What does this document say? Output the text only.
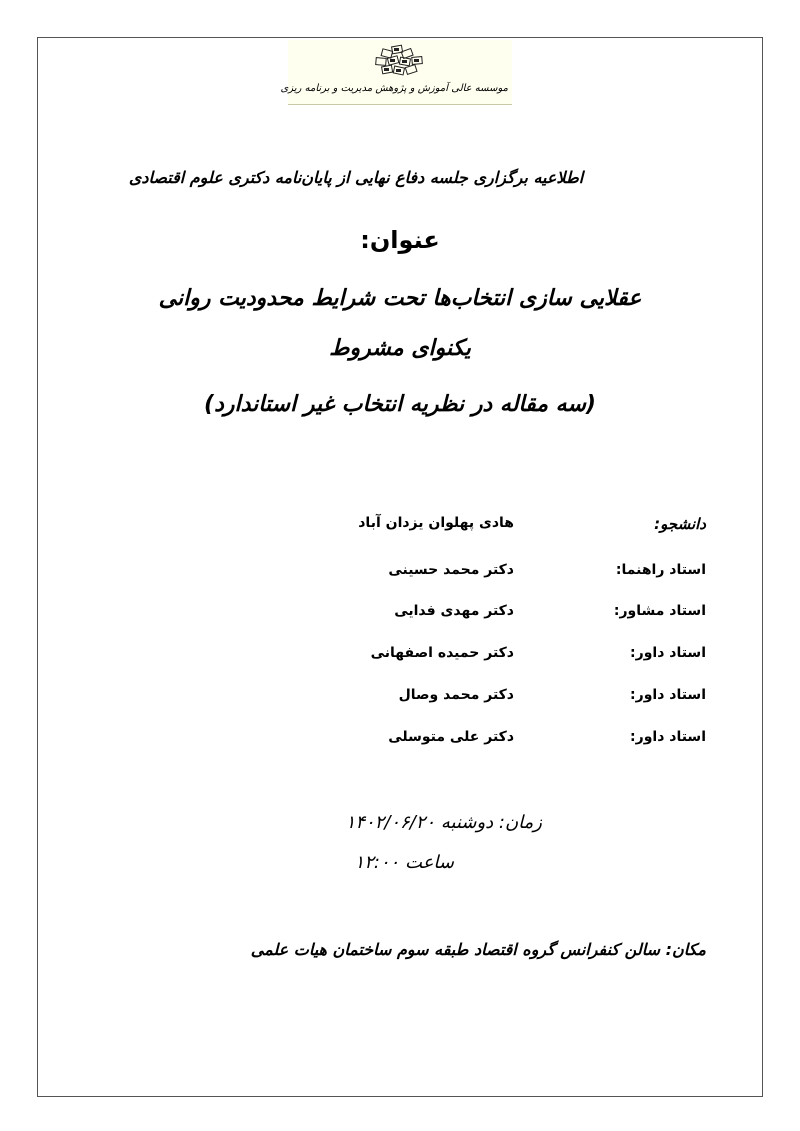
موسسه عالی آموزش و پژوهش مدیریت و برنامه ریزی
اطلاعیه برگزاری جلسه دفاع نهایی از پایان‌نامه دکتری علوم اقتصادی
عنوان:
عقلایی سازی انتخاب‌ها تحت شرایط محدودیت روانی
یکنوای مشروط
(سه مقاله در نظریه انتخاب غیر استاندارد)
دانشجو:
هادی پهلوان یزدان آباد
استاد راهنما:
دکتر محمد حسینی
استاد مشاور:
دکتر مهدی فدایی
استاد داور:
دکتر حمیده اصفهانی
استاد داور:
دکتر محمد وصال
استاد داور:
دکتر علی متوسلی
زمان: دوشنبه ۱۴۰۲/۰۶/۲۰
ساعت ۱۲:۰۰
مکان: سالن کنفرانس گروه اقتصاد طبقه سوم ساختمان هیات علمی
